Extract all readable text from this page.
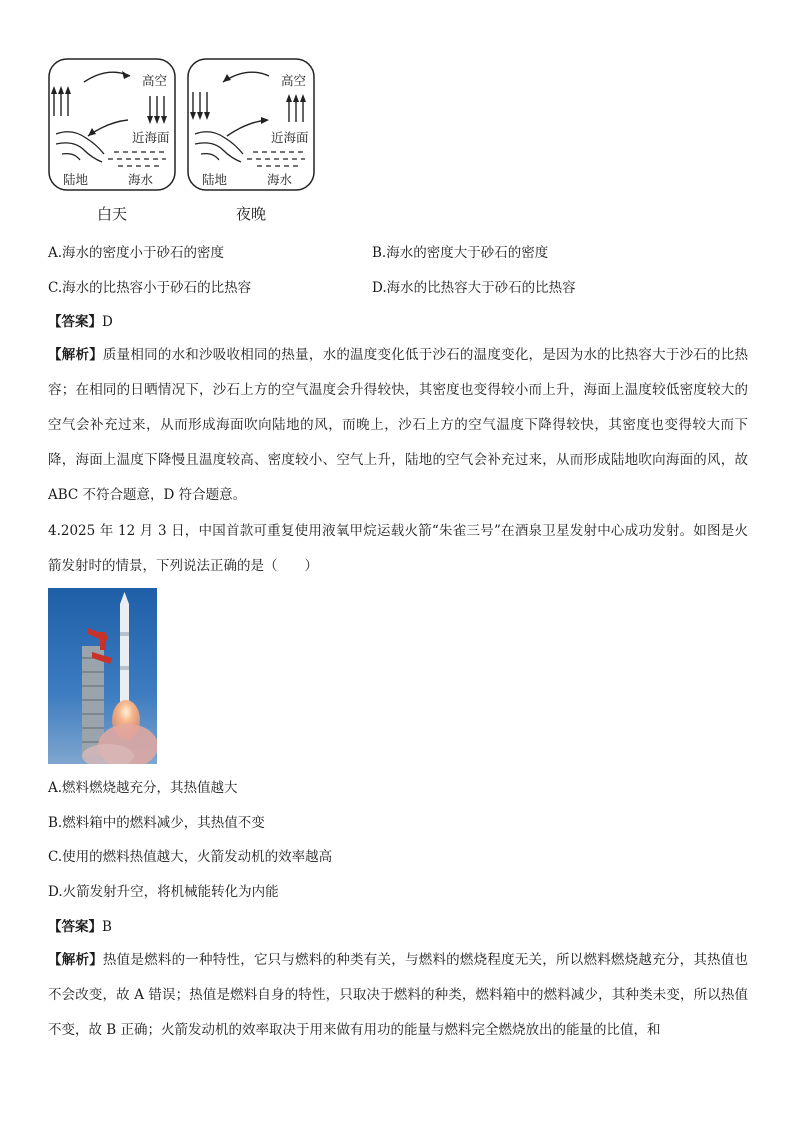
高空
近海面
陆地	海水
白天
高空
近海面
陆地	海水
夜晚
A.海水的密度小于砂石的密度	B.海水的密度大于砂石的密度
C.海水的比热容小于砂石的比热容	D.海水的比热容大于砂石的比热容
【答案】D
【解析】质量相同的水和沙吸收相同的热量，水的温度变化低于沙石的温度变化，是因为水的比热容大于沙石的比热容；在相同的日晒情况下，沙石上方的空气温度会升得较快，其密度也变得较小而上升，海面上温度较低密度较大的空气会补充过来，从而形成海面吹向陆地的风，而晚上，沙石上方的空气温度下降得较快，其密度也变得较大而下降，海面上温度下降慢且温度较高、密度较小、空气上升，陆地的空气会补充过来，从而形成陆地吹向海面的风，故 ABC 不符合题意，D 符合题意。
4.2025 年 12 月 3 日，中国首款可重复使用液氧甲烷运载火箭“朱雀三号”在酒泉卫星发射中心成功发射。如图是火箭发射时的情景，下列说法正确的是（　　）
A.燃料燃烧越充分，其热值越大
B.燃料箱中的燃料减少，其热值不变
C.使用的燃料热值越大，火箭发动机的效率越高
D.火箭发射升空，将机械能转化为内能
【答案】B
【解析】热值是燃料的一种特性，它只与燃料的种类有关，与燃料的燃烧程度无关，所以燃料燃烧越充分，其热值也不会改变，故 A 错误；热值是燃料自身的特性，只取决于燃料的种类，燃料箱中的燃料减少，其种类未变，所以热值不变，故 B 正确；火箭发动机的效率取决于用来做有用功的能量与燃料完全燃烧放出的能量的比值，和
